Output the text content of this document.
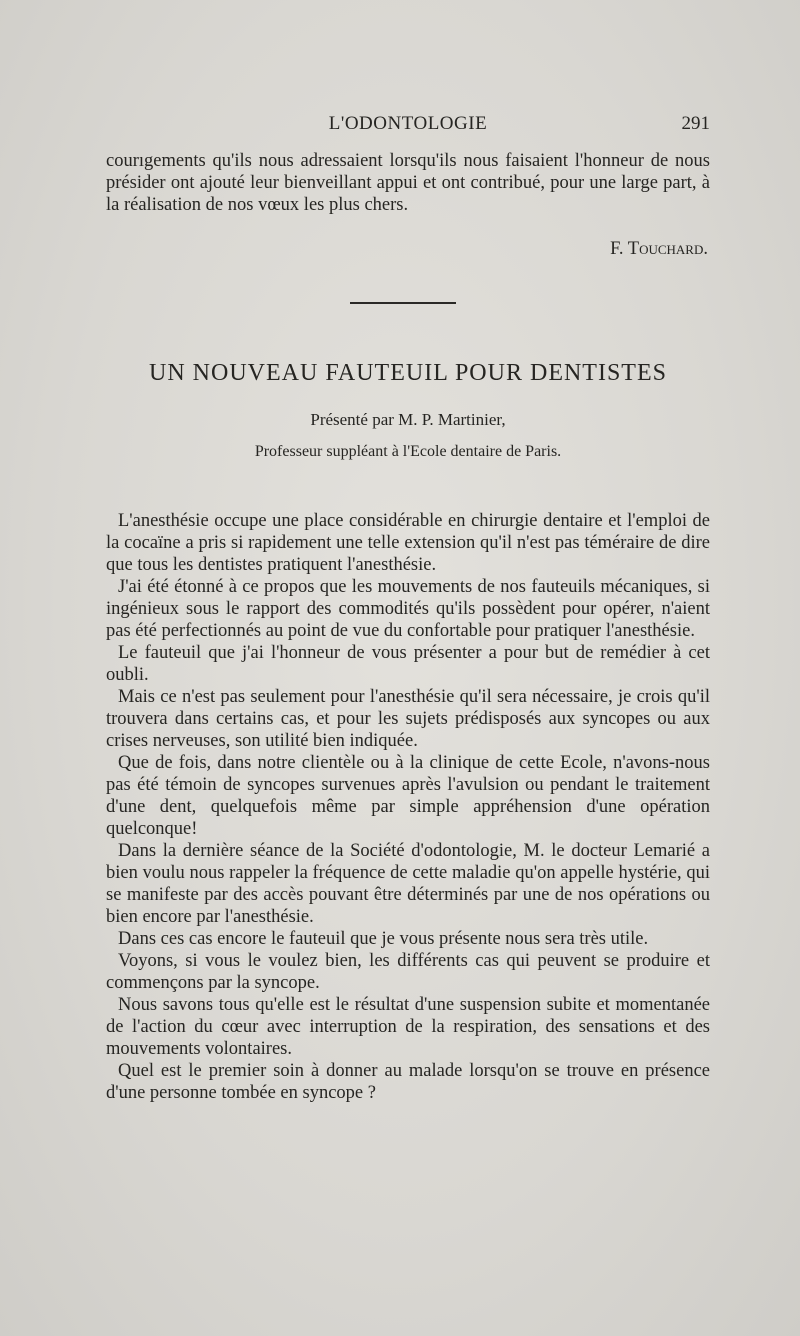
L'ODONTOLOGIE	291
courıgements qu'ils nous adressaient lorsqu'ils nous faisaient l'honneur de nous présider ont ajouté leur bienveillant appui et ont contribué, pour une large part, à la réalisation de nos vœux les plus chers.
F. Touchard.
UN NOUVEAU FAUTEUIL POUR DENTISTES
Présenté par M. P. Martinier,
Professeur suppléant à l'Ecole dentaire de Paris.

L'anesthésie occupe une place considérable en chirurgie dentaire et l'emploi de la cocaïne a pris si rapidement une telle extension qu'il n'est pas téméraire de dire que tous les dentistes pratiquent l'anesthésie.

J'ai été étonné à ce propos que les mouvements de nos fauteuils mécaniques, si ingénieux sous le rapport des commodités qu'ils possèdent pour opérer, n'aient pas été perfectionnés au point de vue du confortable pour pratiquer l'anesthésie.

Le fauteuil que j'ai l'honneur de vous présenter a pour but de remédier à cet oubli.

Mais ce n'est pas seulement pour l'anesthésie qu'il sera nécessaire, je crois qu'il trouvera dans certains cas, et pour les sujets prédisposés aux syncopes ou aux crises nerveuses, son utilité bien indiquée.

Que de fois, dans notre clientèle ou à la clinique de cette Ecole, n'avons-nous pas été témoin de syncopes survenues après l'avulsion ou pendant le traitement d'une dent, quelquefois même par simple appréhension d'une opération quelconque!

Dans la dernière séance de la Société d'odontologie, M. le docteur Lemarié a bien voulu nous rappeler la fréquence de cette maladie qu'on appelle hystérie, qui se manifeste par des accès pouvant être déterminés par une de nos opérations ou bien encore par l'anesthésie.

Dans ces cas encore le fauteuil que je vous présente nous sera très utile.

Voyons, si vous le voulez bien, les différents cas qui peuvent se produire et commençons par la syncope.

Nous savons tous qu'elle est le résultat d'une suspension subite et momentanée de l'action du cœur avec interruption de la respiration, des sensations et des mouvements volontaires.

Quel est le premier soin à donner au malade lorsqu'on se trouve en présence d'une personne tombée en syncope ?
